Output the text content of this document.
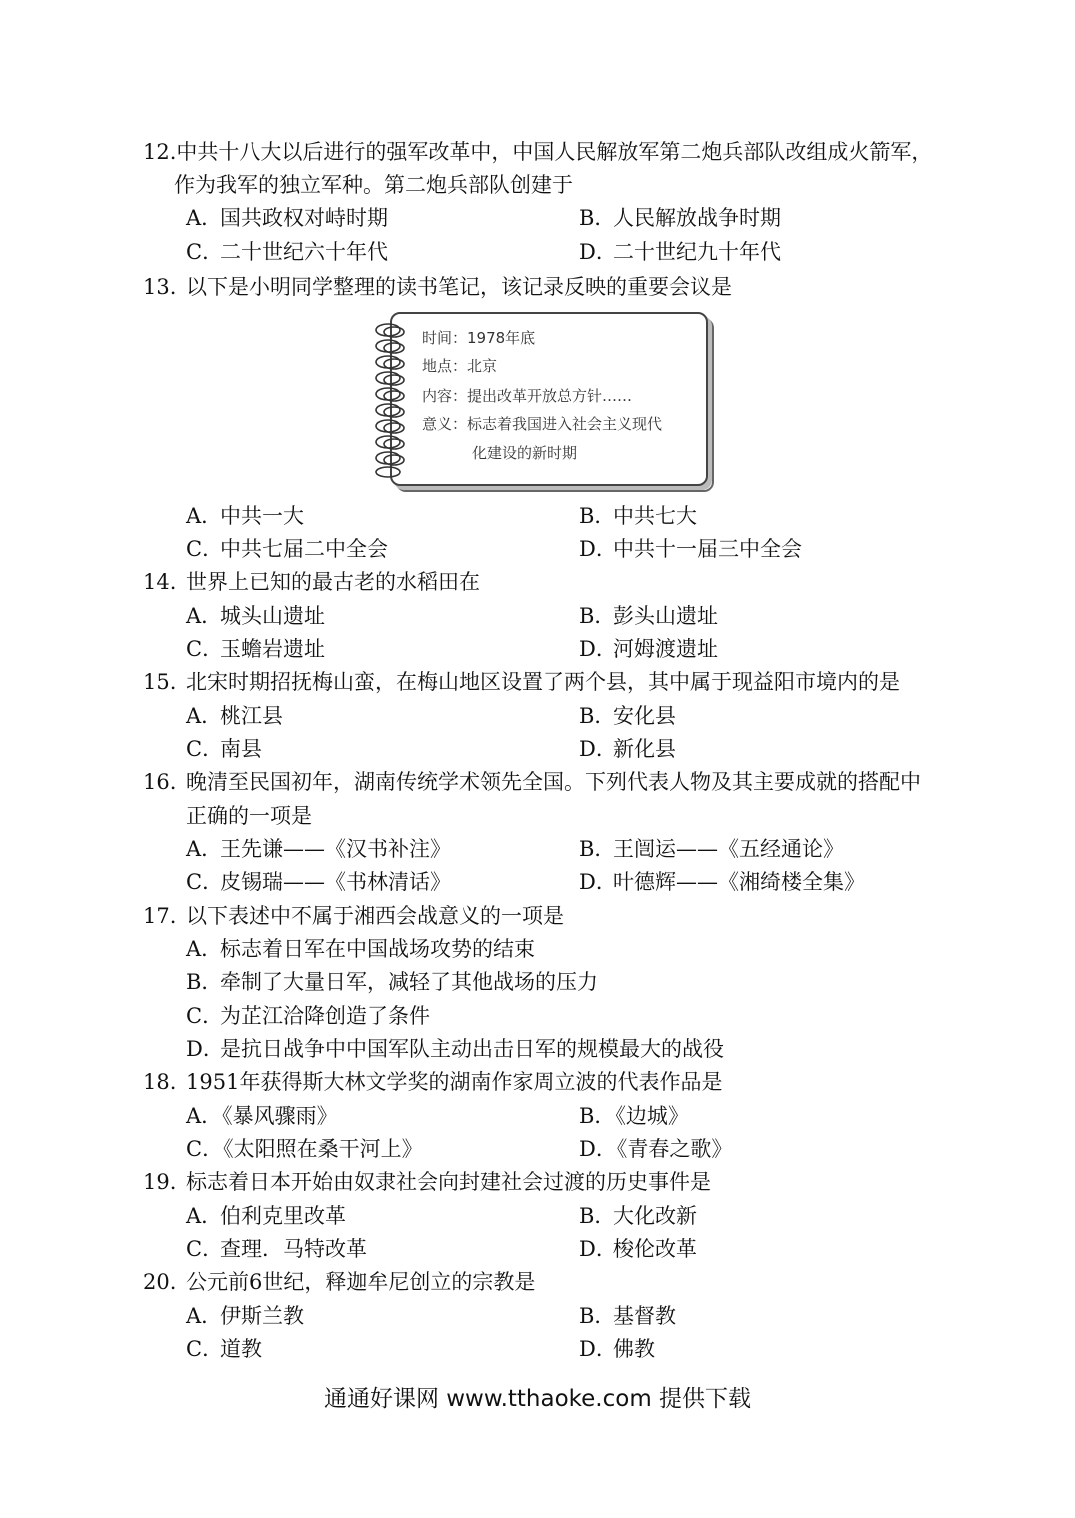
12.中共十八大以后进行的强军改革中，中国人民解放军第二炮兵部队改组成火箭军，
作为我军的独立军种。第二炮兵部队创建于
A．国共政权对峙时期	B．人民解放战争时期
C．二十世纪六十年代	D．二十世纪九十年代
13. 以下是小明同学整理的读书笔记，该记录反映的重要会议是
时间：1978年底
地点：北京
内容：提出改革开放总方针……
意义：标志着我国进入社会主义现代
化建设的新时期
A．中共一大	B．中共七大
C．中共七届二中全会	D．中共十一届三中全会
14. 世界上已知的最古老的水稻田在
A．城头山遗址	B．彭头山遗址
C．玉蟾岩遗址	D．河姆渡遗址
15. 北宋时期招抚梅山蛮，在梅山地区设置了两个县，其中属于现益阳市境内的是
A．桃江县	B．安化县
C．南县	D．新化县
16. 晚清至民国初年，湖南传统学术领先全国。下列代表人物及其主要成就的搭配中
正确的一项是
A．王先谦——《汉书补注》	B．王闿运——《五经通论》
C．皮锡瑞——《书林清话》	D．叶德辉——《湘绮楼全集》
17. 以下表述中不属于湘西会战意义的一项是
A．标志着日军在中国战场攻势的结束
B．牵制了大量日军，减轻了其他战场的压力
C．为芷江洽降创造了条件
D．是抗日战争中中国军队主动出击日军的规模最大的战役
18. 1951年获得斯大林文学奖的湖南作家周立波的代表作品是
A．《暴风骤雨》	B．《边城》
C．《太阳照在桑干河上》	D．《青春之歌》
19. 标志着日本开始由奴隶社会向封建社会过渡的历史事件是
A．伯利克里改革	B．大化改新
C．查理．马特改革	D．梭伦改革
20. 公元前6世纪，释迦牟尼创立的宗教是
A．伊斯兰教	B．基督教
C．道教	D．佛教
通通好课网 www.tthaoke.com 提供下载
